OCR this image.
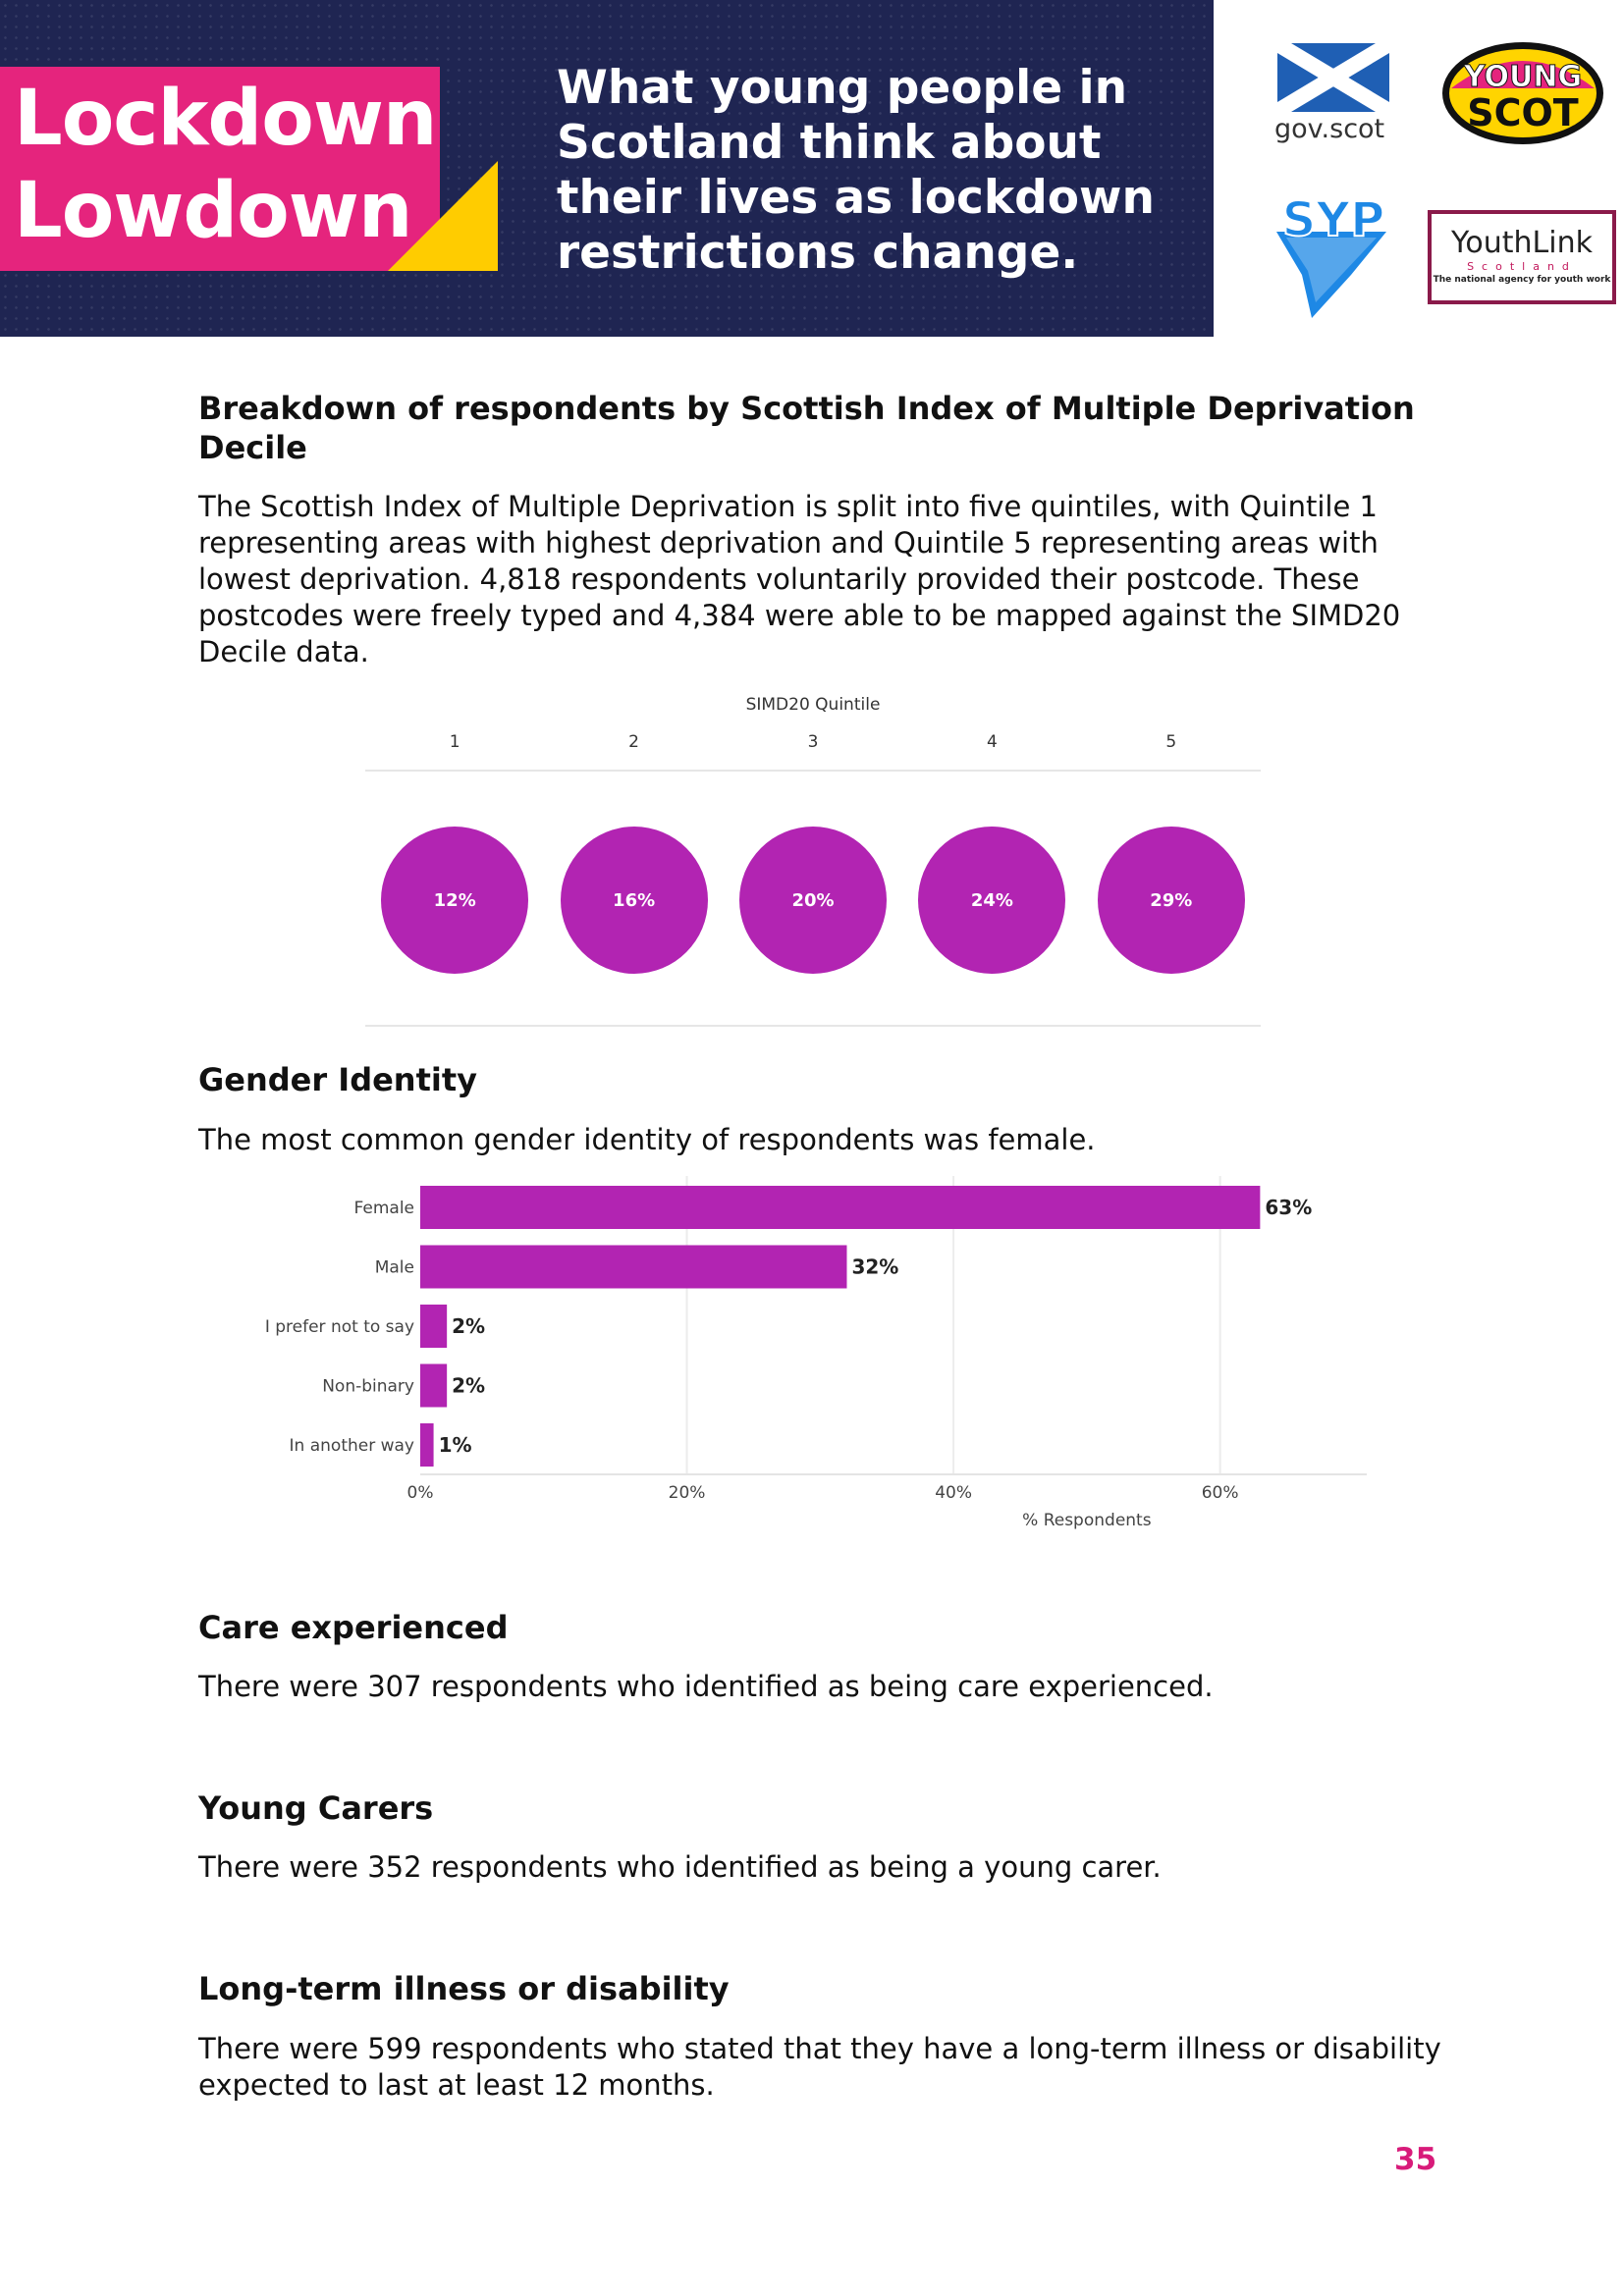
Lockdown
Lowdown
What young people in
Scotland think about
their lives as lockdown
restrictions change.
gov.scot
YOUNG
SCOT
SYP	YouthLink
Scotland
The national agency for youth work
Breakdown of respondents by Scottish Index of Multiple Deprivation
Decile
The Scottish Index of Multiple Deprivation is split into five quintiles, with Quintile 1
representing areas with highest deprivation and Quintile 5 representing areas with
lowest deprivation. 4,818 respondents voluntarily provided their postcode. These
postcodes were freely typed and 4,384 were able to be mapped against the SIMD20
Decile data.
SIMD20 Quintile
1
12%
2
16%
3
20%
4
24%
5
29%
Gender Identity
The most common gender identity of respondents was female.
Female	63%
Male	32%
I prefer not to say 2%
Non-binary 2%
In another way 1%
0%	20%	40%	60%
% Respondents
Care experienced
There were 307 respondents who identified as being care experienced.
Young Carers
There were 352 respondents who identified as being a young carer.
Long-term illness or disability
There were 599 respondents who stated that they have a long-term illness or disability
expected to last at least 12 months.
35
